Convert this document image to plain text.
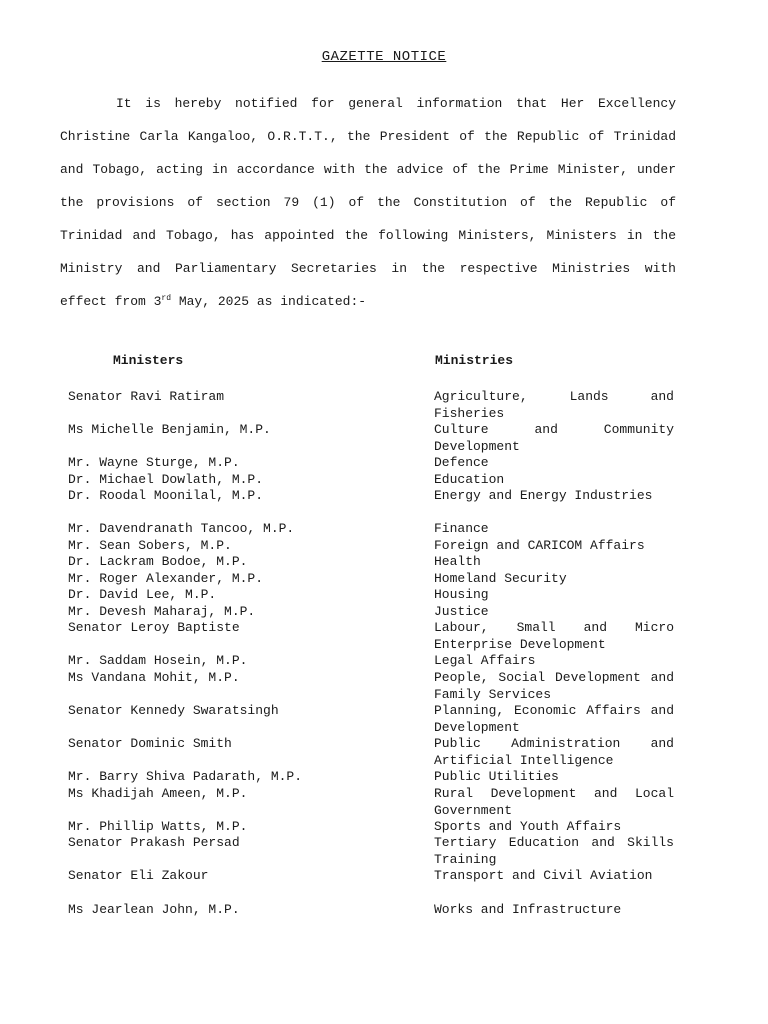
GAZETTE NOTICE
It is hereby notified for general information that Her Excellency Christine Carla Kangaloo, O.R.T.T., the President of the Republic of Trinidad and Tobago, acting in accordance with the advice of the Prime Minister, under the provisions of section 79 (1) of the Constitution of the Republic of Trinidad and Tobago, has appointed the following Ministers, Ministers in the Ministry and Parliamentary Secretaries in the respective Ministries with effect from 3rd May, 2025 as indicated:-
Ministers	Ministries
Senator Ravi Ratiram	Agriculture, Lands and Fisheries
Ms Michelle Benjamin, M.P.	Culture and Community Development
Mr. Wayne Sturge, M.P.	Defence
Dr. Michael Dowlath, M.P.	Education
Dr. Roodal Moonilal, M.P.	Energy and Energy Industries
Mr. Davendranath Tancoo, M.P.	Finance
Mr. Sean Sobers, M.P.	Foreign and CARICOM Affairs
Dr. Lackram Bodoe, M.P.	Health
Mr. Roger Alexander, M.P.	Homeland Security
Dr. David Lee, M.P.	Housing
Mr. Devesh Maharaj, M.P.	Justice
Senator Leroy Baptiste	Labour, Small and Micro Enterprise Development
Mr. Saddam Hosein, M.P.	Legal Affairs
Ms Vandana Mohit, M.P.	People, Social Development and Family Services
Senator Kennedy Swaratsingh	Planning, Economic Affairs and Development
Senator Dominic Smith	Public Administration and Artificial Intelligence
Mr. Barry Shiva Padarath, M.P.	Public Utilities
Ms Khadijah Ameen, M.P.	Rural Development and Local Government
Mr. Phillip Watts, M.P.	Sports and Youth Affairs
Senator Prakash Persad	Tertiary Education and Skills Training
Senator Eli Zakour	Transport and Civil Aviation
Ms Jearlean John, M.P.	Works and Infrastructure
